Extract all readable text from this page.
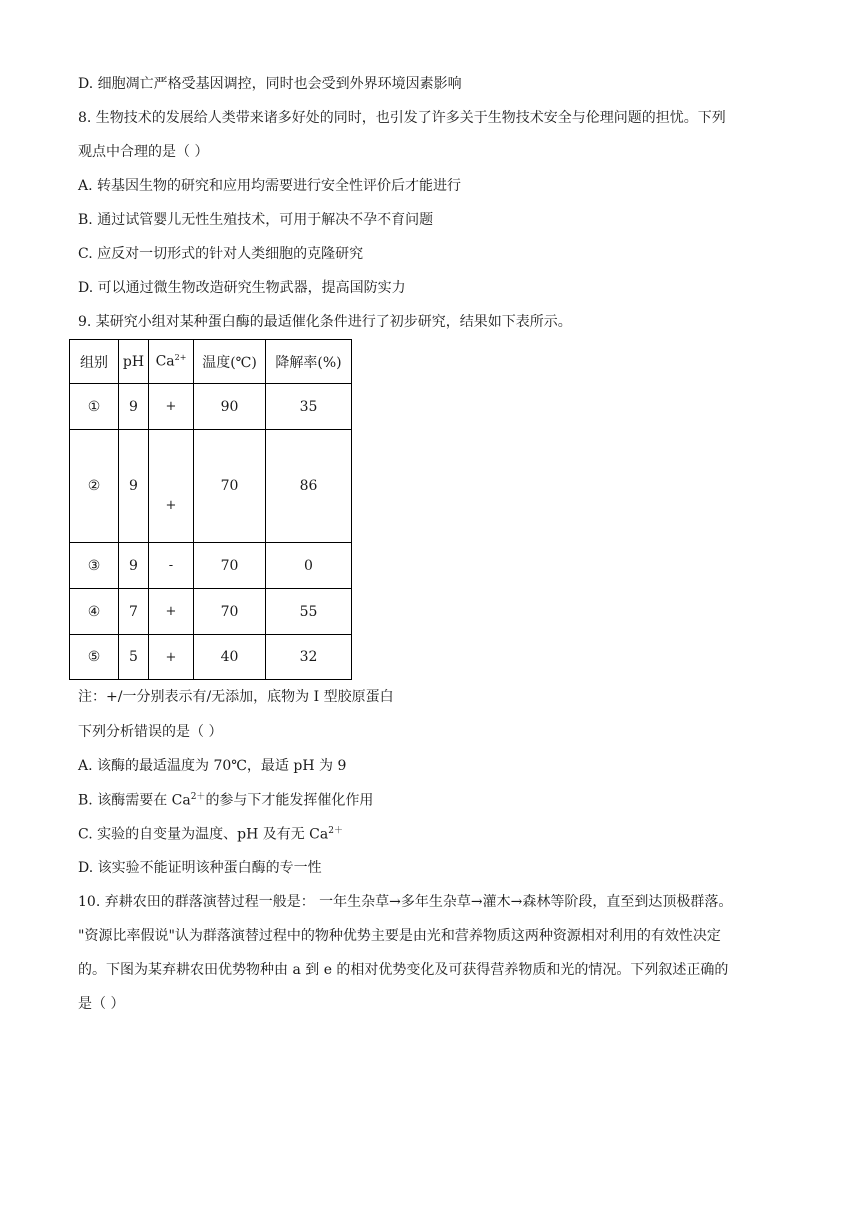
D. 细胞凋亡严格受基因调控，同时也会受到外界环境因素影响
8. 生物技术的发展给人类带来诸多好处的同时，也引发了许多关于生物技术安全与伦理问题的担忧。下列
观点中合理的是（ ）
A. 转基因生物的研究和应用均需要进行安全性评价后才能进行
B. 通过试管婴儿无性生殖技术，可用于解决不孕不育问题
C. 应反对一切形式的针对人类细胞的克隆研究
D. 可以通过微生物改造研究生物武器，提高国防实力
9. 某研究小组对某种蛋白酶的最适催化条件进行了初步研究，结果如下表所示。
组别	pH	$Ca^{2+}$	温度(℃)	降解率(%)
①	9	+	90	35
②	9	+	70	86
③	9	-	70	0
④	7	+	70	55
⑤	5	+	40	32
注：+/一分别表示有/无添加，底物为 I 型胶原蛋白
下列分析错误的是（ ）
A. 该酶的最适温度为 70℃，最适 pH 为 9
B. 该酶需要在 $Ca^{2+}$的参与下才能发挥催化作用
C. 实验的自变量为温度、pH 及有无 $Ca^{2+}$
D. 该实验不能证明该种蛋白酶的专一性
10. 弃耕农田的群落演替过程一般是： 一年生杂草→多年生杂草→灌木→森林等阶段，直至到达顶极群落。
"资源比率假说"认为群落演替过程中的物种优势主要是由光和营养物质这两种资源相对利用的有效性决定
的。下图为某弃耕农田优势物种由 a 到 e 的相对优势变化及可获得营养物质和光的情况。下列叙述正确的
是（ ）
